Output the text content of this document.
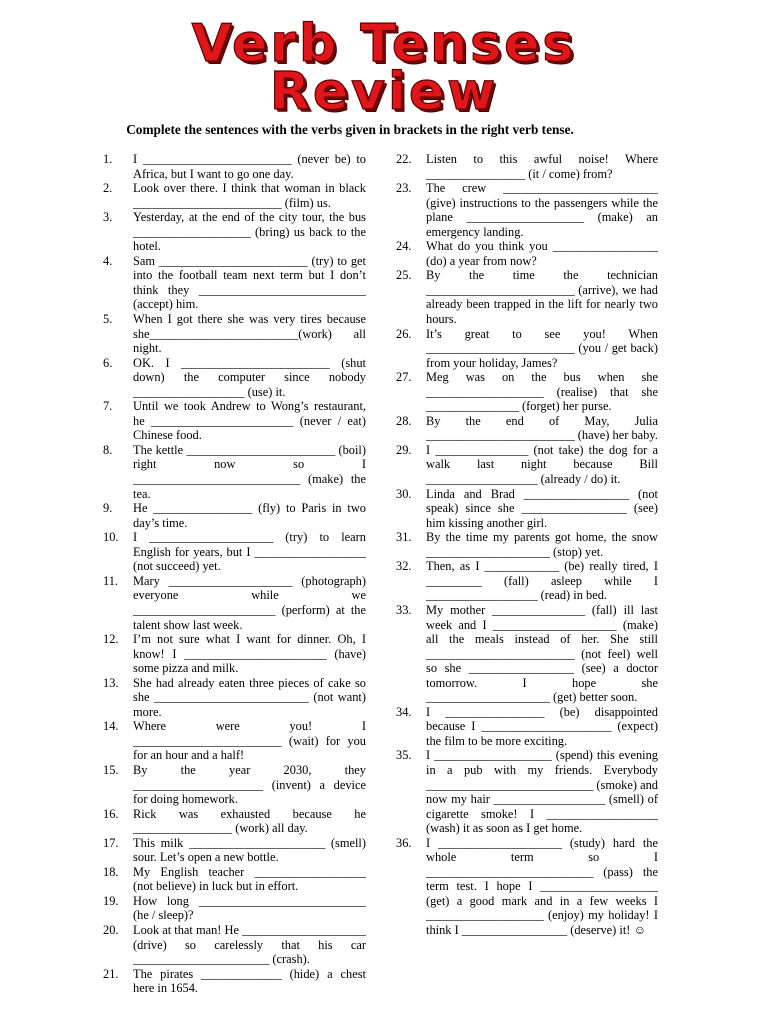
Verb Tenses
Review
Complete the sentences with the verbs given in brackets in the right verb tense.
1.	I ________________________ (never be) to Africa, but I want to go one day.
2.	Look over there. I think that woman in black ________________________ (film) us.
3.	Yesterday, at the end of the city tour, the bus ___________________ (bring) us back to the hotel.
4.	Sam ________________________ (try) to get into the football team next term but I don’t think they ___________________________ (accept) him.
5.	When I got there she was very tires because she________________________(work) all night.
6.	OK. I ________________________ (shut down) the computer since nobody __________________ (use) it.
7.	Until we took Andrew to Wong’s restaurant, he _______________________ (never / eat) Chinese food.
8.	The kettle ________________________ (boil) right now so I ___________________________ (make) the tea.
9.	He ________________ (fly) to Paris in two day’s time.
10.	I ____________________ (try) to learn English for years, but I __________________ (not succeed) yet.
11.	Mary ____________________ (photograph) everyone while we _______________________ (perform) at the talent show last week.
12.	I’m not sure what I want for dinner. Oh, I know! I _______________________ (have) some pizza and milk.
13.	She had already eaten three pieces of cake so she _________________________ (not want) more.
14.	Where were you! I ________________________ (wait) for you for an hour and a half!
15.	By the year 2030, they _____________________ (invent) a device for doing homework.
16.	Rick was exhausted because he ________________ (work) all day.
17.	This milk ______________________ (smell) sour. Let’s open a new bottle.
18.	My English teacher __________________ (not believe) in luck but in effort.
19.	How long ___________________________ (he / sleep)?
20.	Look at that man! He ____________________ (drive) so carelessly that his car ______________________ (crash).
21.	The pirates _____________ (hide) a chest here in 1654.
22.	Listen to this awful noise! Where ________________ (it / come) from?
23.	The crew _________________________ (give) instructions to the passengers while the plane ___________________ (make) an emergency landing.
24.	What do you think you _________________ (do) a year from now?
25.	By the time the technician ________________________ (arrive), we had already been trapped in the lift for nearly two hours.
26.	It’s great to see you! When ________________________ (you / get back) from your holiday, James?
27.	Meg was on the bus when she ___________________ (realise) that she _______________ (forget) her purse.
28.	By the end of May, Julia ________________________ (have) her baby.
29.	I _______________ (not take) the dog for a walk last night because Bill __________________ (already / do) it.
30.	Linda and Brad _________________ (not speak) since she _________________ (see) him kissing another girl.
31.	By the time my parents got home, the snow ____________________ (stop) yet.
32.	Then, as I ____________ (be) really tired, I _________ (fall) asleep while I __________________ (read) in bed.
33.	My mother _______________ (fall) ill last week and I ____________________ (make) all the meals instead of her. She still ________________________ (not feel) well so she _________________ (see) a doctor tomorrow. I hope she ____________________ (get) better soon.
34.	I ________________ (be) disappointed because I _____________________ (expect) the film to be more exciting.
35.	I ___________________ (spend) this evening in a pub with my friends. Everybody ___________________________ (smoke) and now my hair __________________ (smell) of cigarette smoke! I __________________ (wash) it as soon as I get home.
36.	I ____________________ (study) hard the whole term so I ___________________________ (pass) the term test. I hope I ___________________ (get) a good mark and in a few weeks I ___________________ (enjoy) my holiday! I think I _________________ (deserve) it! ☺
